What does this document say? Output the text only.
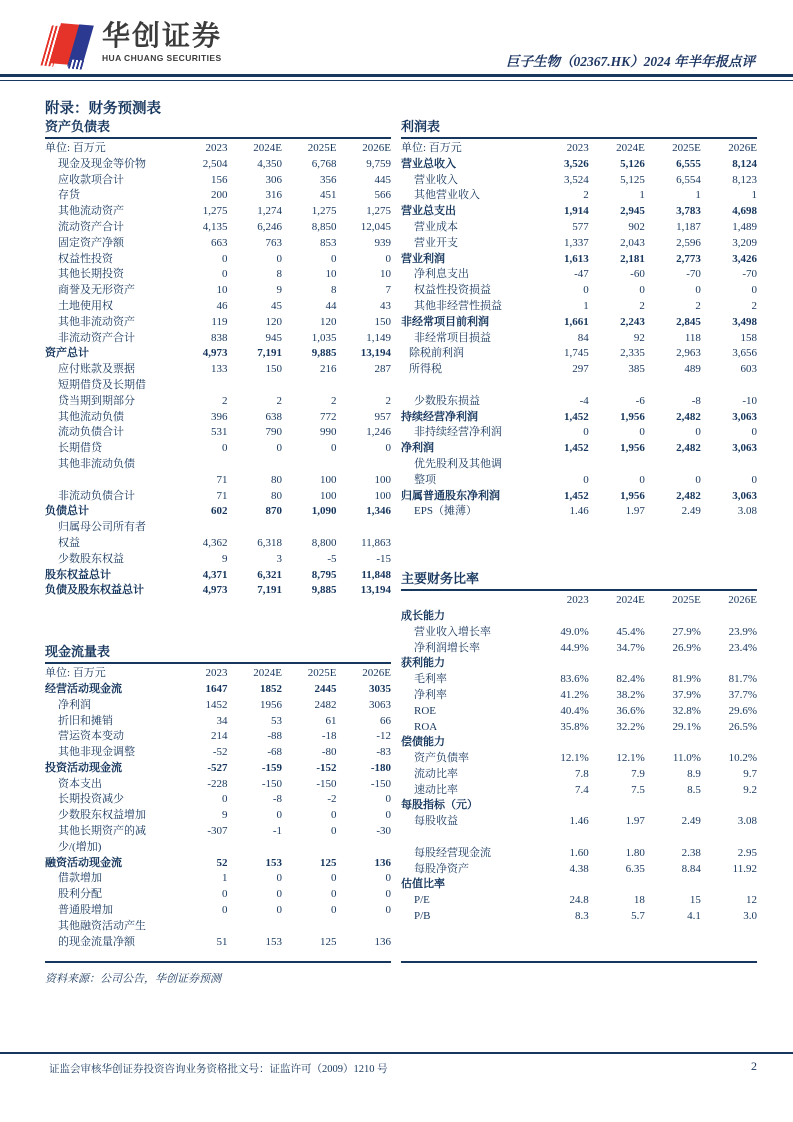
华创证券
HUA CHUANG SECURITIES	巨子生物（02367.HK）2024 年半年报点评
附录：财务预测表
资产负债表
单位: 百万元	2023	2024E	2025E	2026E
现金及现金等价物	2,504	4,350	6,768	9,759
应收款项合计	156	306	356	445
存货	200	316	451	566
其他流动资产	1,275	1,274	1,275	1,275
流动资产合计	4,135	6,246	8,850	12,045
固定资产净额	663	763	853	939
权益性投资	0	0	0	0
其他长期投资	0	8	10	10
商誉及无形资产	10	9	8	7
土地使用权	46	45	44	43
其他非流动资产	119	120	120	150
非流动资产合计	838	945	1,035	1,149
资产总计	4,973	7,191	9,885	13,194
应付账款及票据	133	150	216	287
短期借贷及长期借				
贷当期到期部分	2	2	2	2
其他流动负债	396	638	772	957
流动负债合计	531	790	990	1,246
长期借贷	0	0	0	0
其他非流动负债				
	71	80	100	100
非流动负债合计	71	80	100	100
负债总计	602	870	1,090	1,346
归属母公司所有者				
权益	4,362	6,318	8,800	11,863
少数股东权益	9	3	-5	-15
股东权益总计	4,371	6,321	8,795	11,848
负债及股东权益总计	4,973	7,191	9,885	13,194
现金流量表
单位: 百万元	2023	2024E	2025E	2026E
经营活动现金流	1647	1852	2445	3035
净利润	1452	1956	2482	3063
折旧和摊销	34	53	61	66
营运资本变动	214	-88	-18	-12
其他非现金调整	-52	-68	-80	-83
投资活动现金流	-527	-159	-152	-180
资本支出	-228	-150	-150	-150
长期投资减少	0	-8	-2	0
少数股东权益增加	9	0	0	0
其他长期资产的减	-307	-1	0	-30
少/(增加)				
融资活动现金流	52	153	125	136
借款增加	1	0	0	0
股利分配	0	0	0	0
普通股增加	0	0	0	0
其他融资活动产生				
的现金流量净额	51	153	125	136
资料来源：公司公告，华创证券预测
利润表
单位: 百万元	2023	2024E	2025E	2026E
营业总收入	3,526	5,126	6,555	8,124
营业收入	3,524	5,125	6,554	8,123
其他营业收入	2	1	1	1
营业总支出	1,914	2,945	3,783	4,698
营业成本	577	902	1,187	1,489
营业开支	1,337	2,043	2,596	3,209
营业利润	1,613	2,181	2,773	3,426
净利息支出	-47	-60	-70	-70
权益性投资损益	0	0	0	0
其他非经营性损益	1	2	2	2
非经常项目前利润	1,661	2,243	2,845	3,498
非经常项目损益	84	92	118	158
除税前利润	1,745	2,335	2,963	3,656
所得税	297	385	489	603

少数股东损益	-4	-6	-8	-10
持续经营净利润	1,452	1,956	2,482	3,063
非持续经营净利润	0	0	0	0
净利润	1,452	1,956	2,482	3,063
优先股利及其他调				
整项	0	0	0	0
归属普通股东净利润	1,452	1,956	2,482	3,063
EPS（摊薄）	1.46	1.97	2.49	3.08
主要财务比率
	2023	2024E	2025E	2026E
成长能力				
营业收入增长率	49.0%	45.4%	27.9%	23.9%
净利润增长率	44.9%	34.7%	26.9%	23.4%
获利能力				
毛利率	83.6%	82.4%	81.9%	81.7%
净利率	41.2%	38.2%	37.9%	37.7%
ROE	40.4%	36.6%	32.8%	29.6%
ROA	35.8%	32.2%	29.1%	26.5%
偿债能力				
资产负债率	12.1%	12.1%	11.0%	10.2%
流动比率	7.8	7.9	8.9	9.7
速动比率	7.4	7.5	8.5	9.2
每股指标（元）				
每股收益	1.46	1.97	2.49	3.08

每股经营现金流	1.60	1.80	2.38	2.95
每股净资产	4.38	6.35	8.84	11.92
估值比率				
P/E	24.8	18	15	12
P/B	8.3	5.7	4.1	3.0
证监会审核华创证券投资咨询业务资格批文号：证监许可（2009）1210 号	2
